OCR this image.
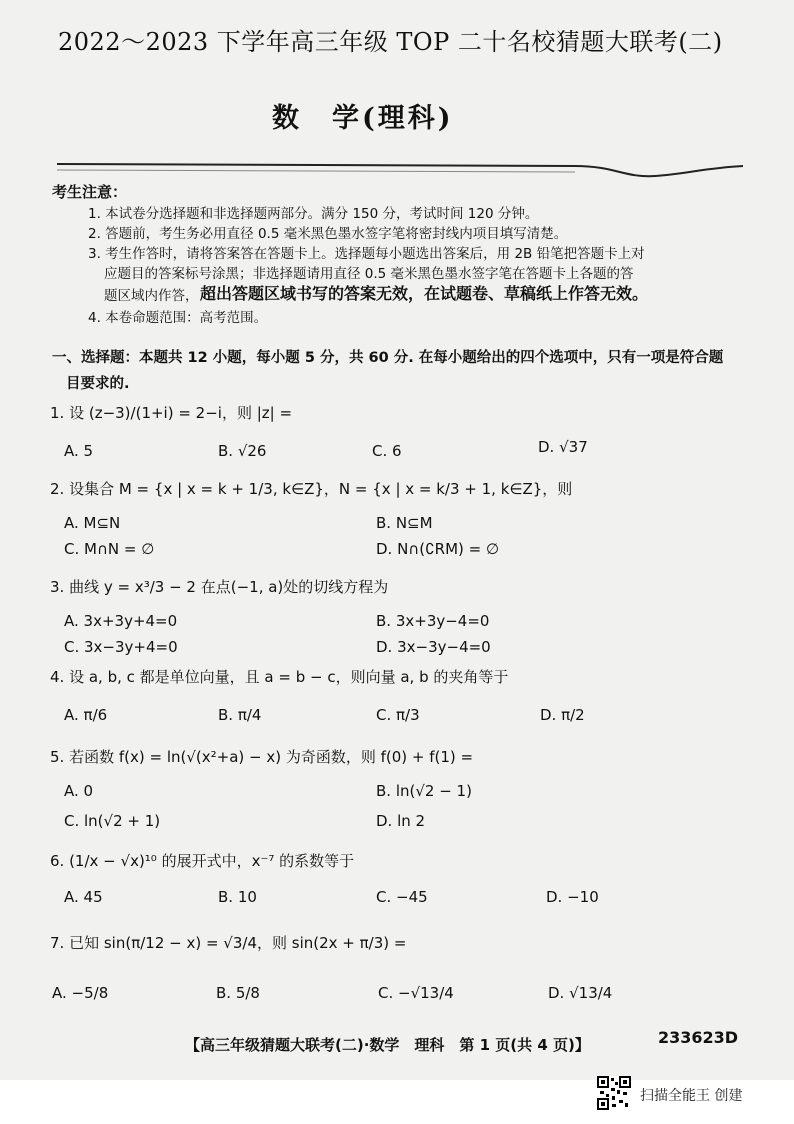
2022～2023 下学年高三年级 TOP 二十名校猜题大联考(二)
数　学(理科)
考生注意：
1. 本试卷分选择题和非选择题两部分。满分 150 分，考试时间 120 分钟。
2. 答题前，考生务必用直径 0.5 毫米黑色墨水签字笔将密封线内项目填写清楚。
3. 考生作答时，请将答案答在答题卡上。选择题每小题选出答案后，用 2B 铅笔把答题卡上对
应题目的答案标号涂黑；非选择题请用直径 0.5 毫米黑色墨水签字笔在答题卡上各题的答
题区域内作答， 超出答题区域书写的答案无效，在试题卷、草稿纸上作答无效。
4. 本卷命题范围：高考范围。
一、选择题：本题共 12 小题，每小题 5 分，共 60 分. 在每小题给出的四个选项中，只有一项是符合题
目要求的.
1. 设 (z−3)/(1+i) = 2−i，则 |z| =
A. 5	B. √26	C. 6	D. √37
2. 设集合 M = {x | x = k + 1/3, k∈Z}，N = {x | x = k/3 + 1, k∈Z}，则
A. M⊆N	B. N⊆M
C. M∩N = ∅	D. N∩(∁RM) = ∅
3. 曲线 y = x³/3 − 2 在点(−1, a)处的切线方程为
A. 3x+3y+4=0	B. 3x+3y−4=0
C. 3x−3y+4=0	D. 3x−3y−4=0
4. 设 a, b, c 都是单位向量，且 a = b − c，则向量 a, b 的夹角等于
A. π/6	B. π/4	C. π/3	D. π/2
5. 若函数 f(x) = ln(√(x²+a) − x) 为奇函数，则 f(0) + f(1) =
A. 0	B. ln(√2 − 1)
C. ln(√2 + 1)	D. ln 2
6. (1/x − √x)¹⁰ 的展开式中，x⁻⁷ 的系数等于
A. 45	B. 10	C. −45	D. −10
7. 已知 sin(π/12 − x) = √3/4，则 sin(2x + π/3) =
A. −5/8	B. 5/8	C. −√13/4	D. √13/4
【高三年级猜题大联考(二)·数学　理科　第 1 页(共 4 页)】	233623D
扫描全能王 创建
